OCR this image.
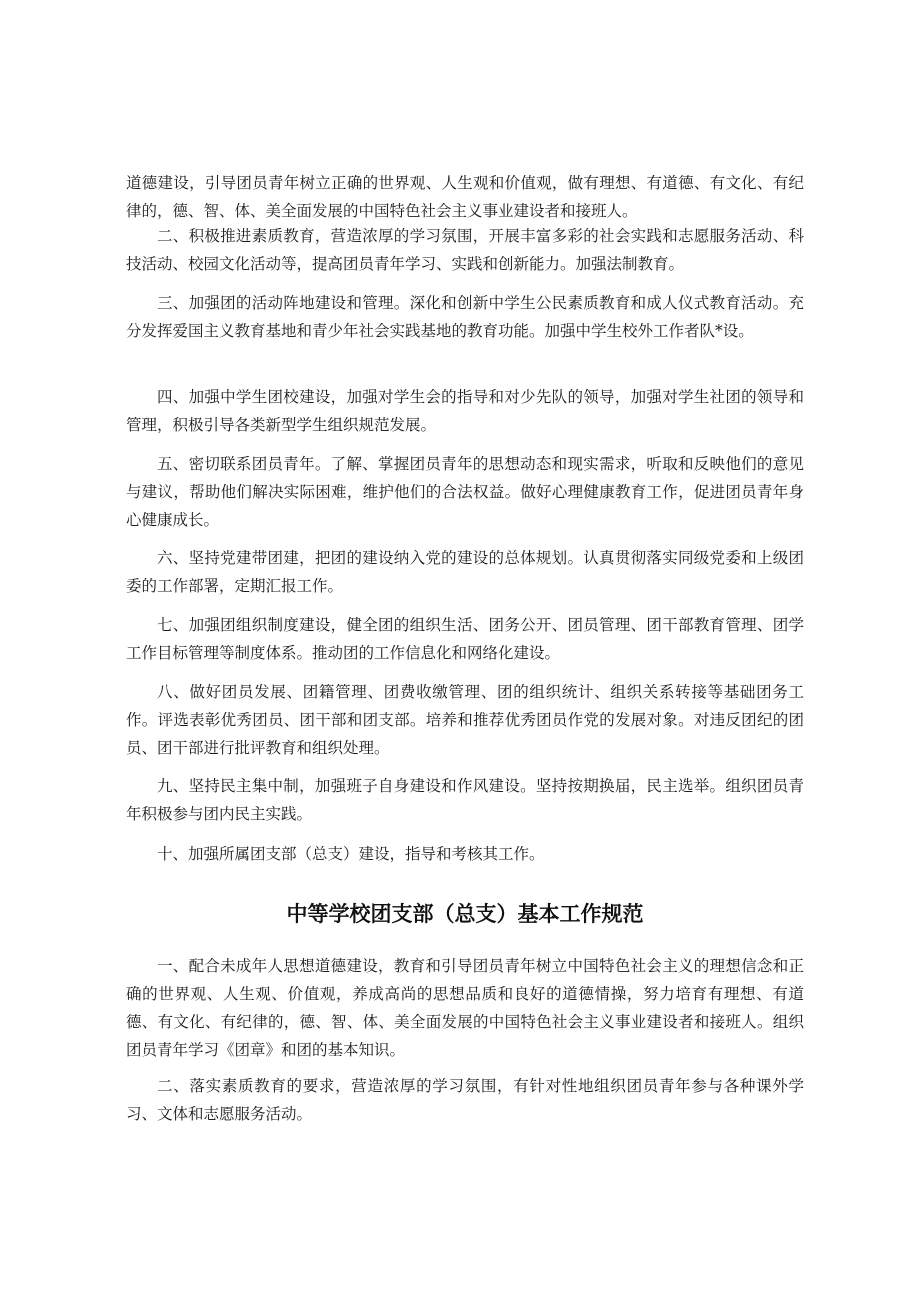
道德建设，引导团员青年树立正确的世界观、人生观和价值观，做有理想、有道德、有文化、有纪律的，德、智、体、美全面发展的中国特色社会主义事业建设者和接班人。

二、积极推进素质教育，营造浓厚的学习氛围，开展丰富多彩的社会实践和志愿服务活动、科技活动、校园文化活动等，提高团员青年学习、实践和创新能力。加强法制教育。

三、加强团的活动阵地建设和管理。深化和创新中学生公民素质教育和成人仪式教育活动。充分发挥爱国主义教育基地和青少年社会实践基地的教育功能。加强中学生校外工作者队*设。

四、加强中学生团校建设，加强对学生会的指导和对少先队的领导，加强对学生社团的领导和管理，积极引导各类新型学生组织规范发展。

五、密切联系团员青年。了解、掌握团员青年的思想动态和现实需求，听取和反映他们的意见与建议，帮助他们解决实际困难，维护他们的合法权益。做好心理健康教育工作，促进团员青年身心健康成长。

六、坚持党建带团建，把团的建设纳入党的建设的总体规划。认真贯彻落实同级党委和上级团委的工作部署，定期汇报工作。

七、加强团组织制度建设，健全团的组织生活、团务公开、团员管理、团干部教育管理、团学工作目标管理等制度体系。推动团的工作信息化和网络化建设。

八、做好团员发展、团籍管理、团费收缴管理、团的组织统计、组织关系转接等基础团务工作。评选表彰优秀团员、团干部和团支部。培养和推荐优秀团员作党的发展对象。对违反团纪的团员、团干部进行批评教育和组织处理。

九、坚持民主集中制，加强班子自身建设和作风建设。坚持按期换届，民主选举。组织团员青年积极参与团内民主实践。

十、加强所属团支部（总支）建设，指导和考核其工作。

中等学校团支部（总支）基本工作规范

一、配合未成年人思想道德建设，教育和引导团员青年树立中国特色社会主义的理想信念和正确的世界观、人生观、价值观，养成高尚的思想品质和良好的道德情操，努力培育有理想、有道德、有文化、有纪律的，德、智、体、美全面发展的中国特色社会主义事业建设者和接班人。组织团员青年学习《团章》和团的基本知识。

二、落实素质教育的要求，营造浓厚的学习氛围，有针对性地组织团员青年参与各种课外学习、文体和志愿服务活动。
